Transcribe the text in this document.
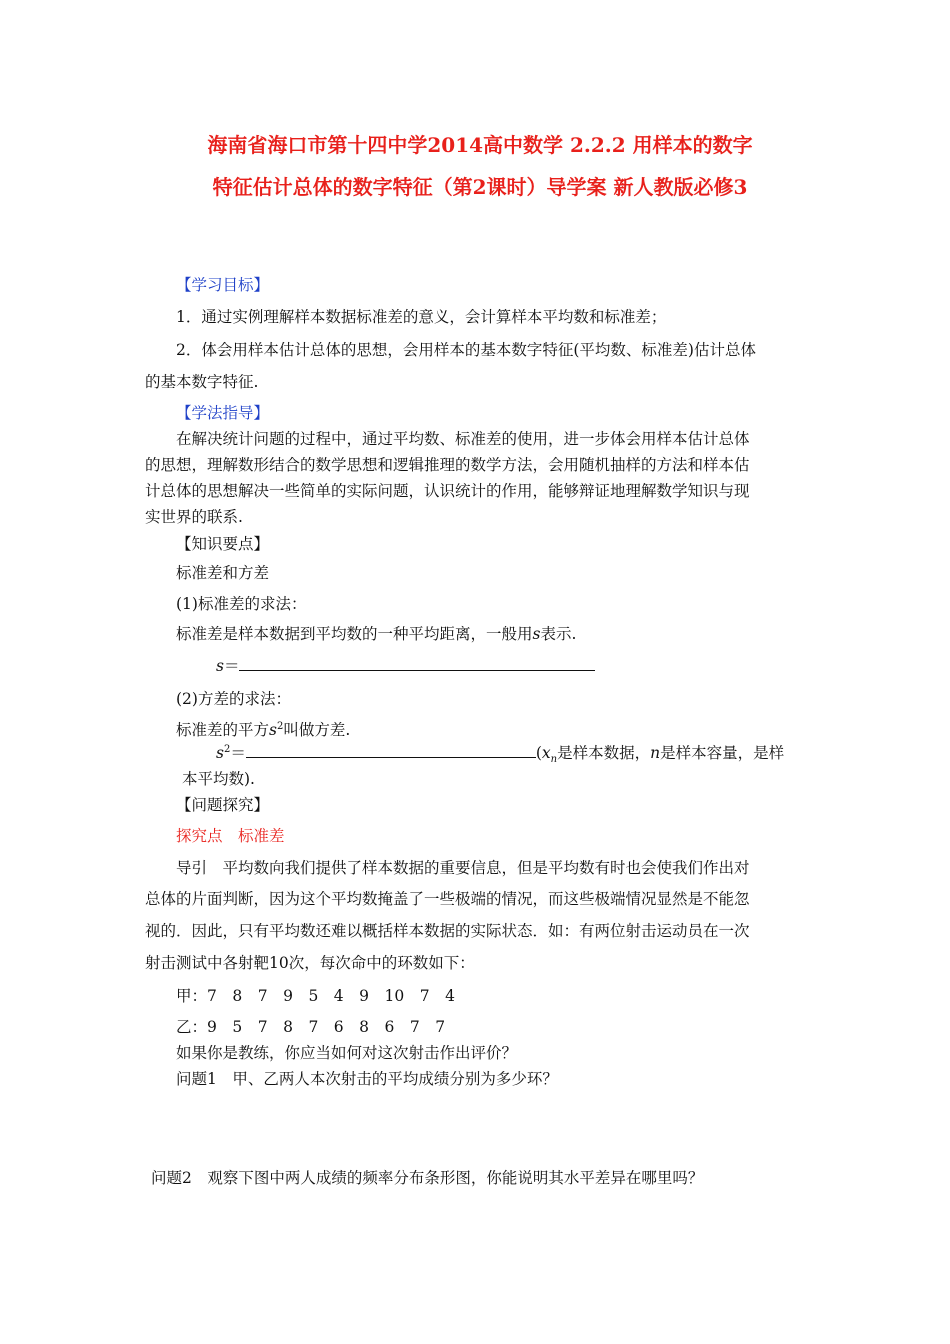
海南省海口市第十四中学2014高中数学 2.2.2 用样本的数字
特征估计总体的数字特征（第2课时）导学案 新人教版必修3
【学习目标】
1．通过实例理解样本数据标准差的意义，会计算样本平均数和标准差；
2．体会用样本估计总体的思想，会用样本的基本数字特征(平均数、标准差)估计总体
的基本数字特征.
【学法指导】
在解决统计问题的过程中，通过平均数、标准差的使用，进一步体会用样本估计总体
的思想，理解数形结合的数学思想和逻辑推理的数学方法，会用随机抽样的方法和样本估
计总体的思想解决一些简单的实际问题，认识统计的作用，能够辩证地理解数学知识与现
实世界的联系.
【知识要点】
标准差和方差
(1)标准差的求法：
标准差是样本数据到平均数的一种平均距离，一般用s表示.
s＝
(2)方差的求法：
标准差的平方$s^2$叫做方差.
$s^2=$	($x_n$是样本数据，n是样本容量，是样
本平均数).
【问题探究】
探究点　标准差
导引　平均数向我们提供了样本数据的重要信息，但是平均数有时也会使我们作出对
总体的片面判断，因为这个平均数掩盖了一些极端的情况，而这些极端情况显然是不能忽
视的．因此，只有平均数还难以概括样本数据的实际状态．如：有两位射击运动员在一次
射击测试中各射靶10次，每次命中的环数如下：
甲：7　8　7　9　5　4　9　10　7　4
乙：9　5　7　8　7　6　8　6　7　7
如果你是教练，你应当如何对这次射击作出评价？
问题1　甲、乙两人本次射击的平均成绩分别为多少环？
问题2　观察下图中两人成绩的频率分布条形图，你能说明其水平差异在哪里吗？
